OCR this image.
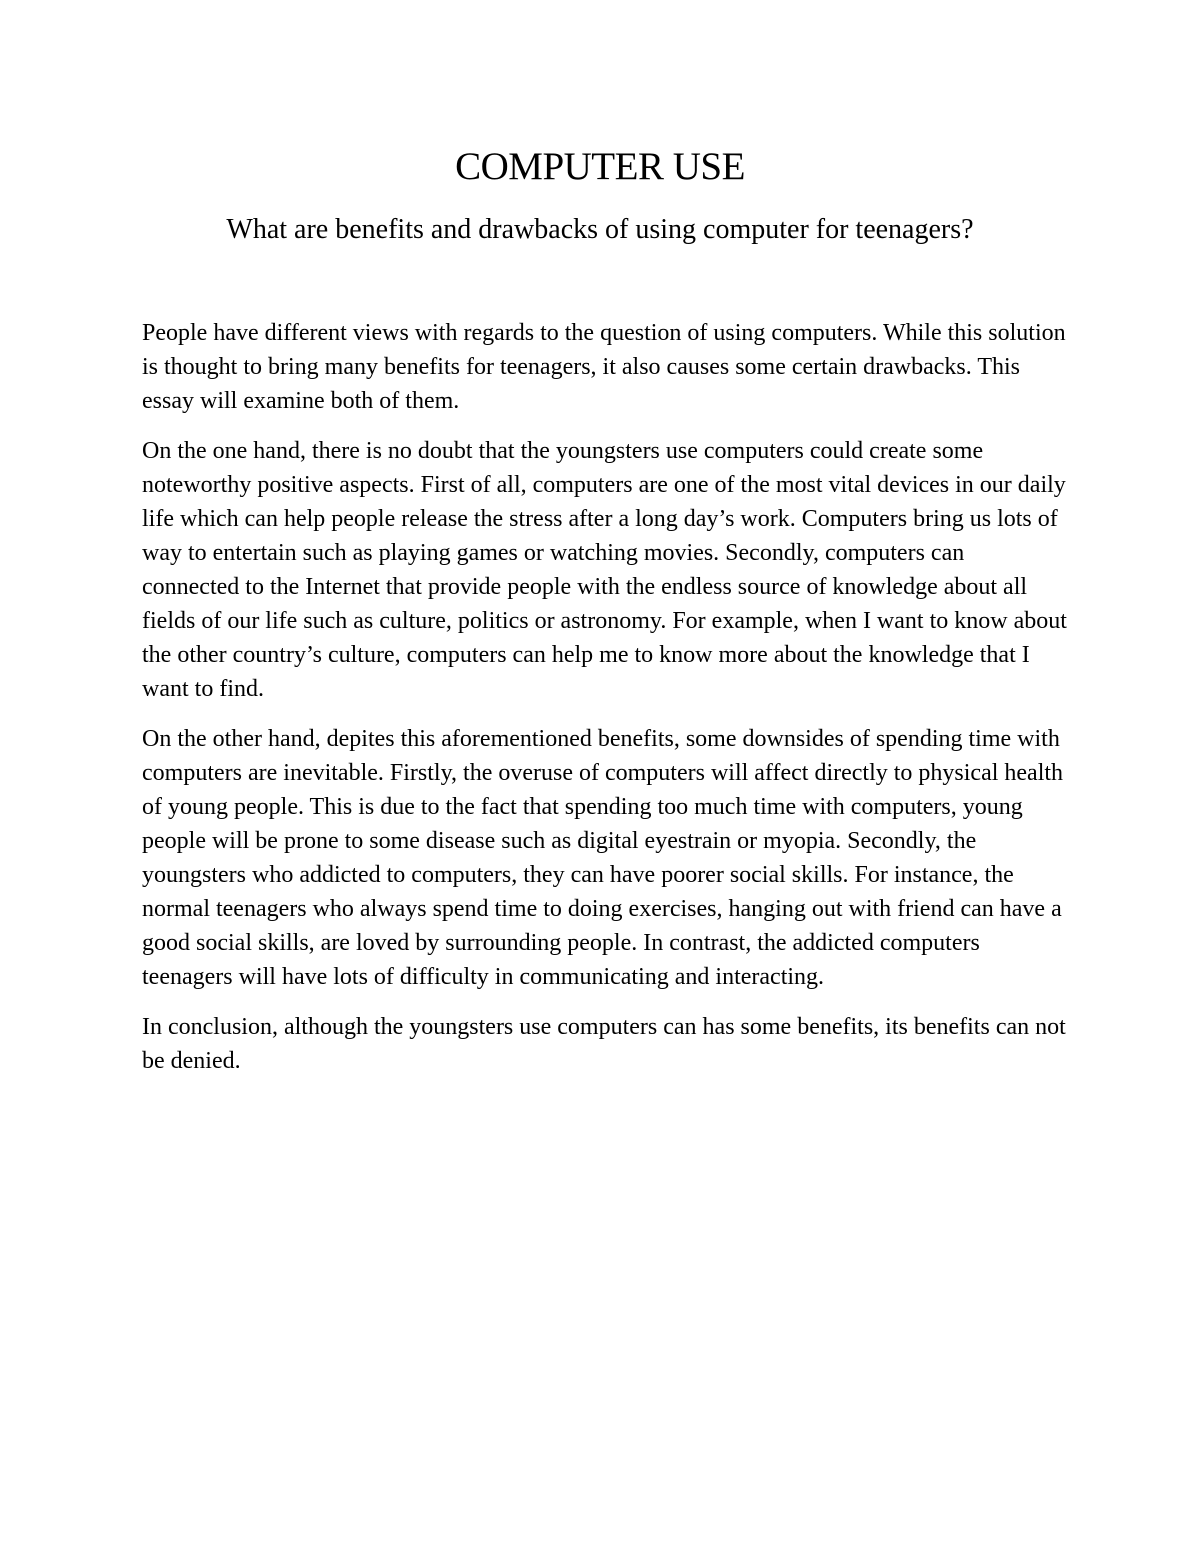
COMPUTER USE
What are benefits and drawbacks of using computer for teenagers?

People have different views with regards to the question of using computers. While this solution is thought to bring many benefits for teenagers, it also causes some certain drawbacks. This essay will examine both of them.

On the one hand, there is no doubt that the youngsters use computers could create some noteworthy positive aspects. First of all, computers are one of the most vital devices in our daily life which can help people release the stress after a long day’s work. Computers bring us lots of way to entertain such as playing games or watching movies. Secondly, computers can connected to the Internet that provide people with the endless source of knowledge about all fields of our life such as culture, politics or astronomy. For example, when I want to know about the other country’s culture, computers can help me to know more about the knowledge that I want to find.

On the other hand, depites this aforementioned benefits, some downsides of spending time with computers are inevitable. Firstly, the overuse of computers will affect directly to physical health of young people. This is due to the fact that spending too much time with computers, young people will be prone to some disease such as digital eyestrain or myopia. Secondly, the youngsters who addicted to computers, they can have poorer social skills. For instance, the normal teenagers who always spend time to doing exercises, hanging out with friend can have a good social skills, are loved by surrounding people. In contrast, the addicted computers teenagers will have lots of difficulty in communicating and interacting.

In conclusion, although the youngsters use computers can has some benefits, its benefits can not be denied.
